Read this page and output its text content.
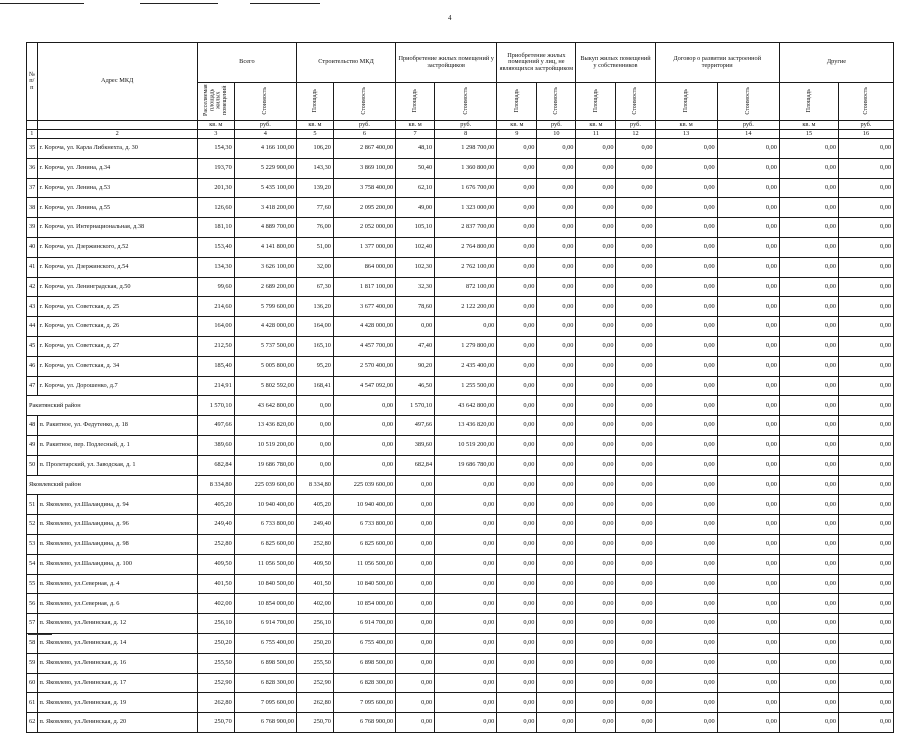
4
№
п/п	Адрес МКД	Всего		Строительство МКД		Приобретение жилых помещений у застройщиков		Приобретение жилых помещений у лиц, не являющихся застройщиком		Выкуп жилых помещений у собственников		Договор о развитии застроенной территории		Другие	
		Расселяемая площадь жилых помещений	Стоимость	Площадь	Стоимость	Площадь	Стоимость	Площадь	Стоимость	Площадь	Стоимость	Площадь	Стоимость	Площадь	Стоимость
		кв. м	руб.	кв. м	руб.	кв. м	руб.	кв. м	руб.	кв. м	руб.	кв. м	руб.	кв. м	руб.
1	2	3	4	5	6	7	8	9	10	11	12	13	14	15	16
35	г. Короча, ул. Карла Либкнехта, д. 30	154,30	4 166 100,00	106,20	2 867 400,00	48,10	1 298 700,00	0,00	0,00	0,00	0,00	0,00	0,00	0,00	0,00
36	г. Короча, ул. Ленина, д.34	193,70	5 229 900,00	143,30	3 869 100,00	50,40	1 360 800,00	0,00	0,00	0,00	0,00	0,00	0,00	0,00	0,00
37	г. Короча, ул. Ленина, д.53	201,30	5 435 100,00	139,20	3 758 400,00	62,10	1 676 700,00	0,00	0,00	0,00	0,00	0,00	0,00	0,00	0,00
38	г. Короча, ул. Ленина, д.55	126,60	3 418 200,00	77,60	2 095 200,00	49,00	1 323 000,00	0,00	0,00	0,00	0,00	0,00	0,00	0,00	0,00
39	г. Короча, ул. Интернациональная, д.38	181,10	4 889 700,00	76,00	2 052 000,00	105,10	2 837 700,00	0,00	0,00	0,00	0,00	0,00	0,00	0,00	0,00
40	г. Короча, ул. Дзержинского, д.52	153,40	4 141 800,00	51,00	1 377 000,00	102,40	2 764 800,00	0,00	0,00	0,00	0,00	0,00	0,00	0,00	0,00
41	г. Короча, ул. Дзержинского, д.54	134,30	3 626 100,00	32,00	864 000,00	102,30	2 762 100,00	0,00	0,00	0,00	0,00	0,00	0,00	0,00	0,00
42	г. Короча, ул. Ленинградская, д.50	99,60	2 689 200,00	67,30	1 817 100,00	32,30	872 100,00	0,00	0,00	0,00	0,00	0,00	0,00	0,00	0,00
43	г. Короча, ул. Советская, д. 25	214,60	5 799 600,00	136,20	3 677 400,00	78,60	2 122 200,00	0,00	0,00	0,00	0,00	0,00	0,00	0,00	0,00
44	г. Короча, ул. Советская, д. 26	164,00	4 428 000,00	164,00	4 428 000,00	0,00	0,00	0,00	0,00	0,00	0,00	0,00	0,00	0,00	0,00
45	г. Короча, ул. Советская, д. 27	212,50	5 737 500,00	165,10	4 457 700,00	47,40	1 279 800,00	0,00	0,00	0,00	0,00	0,00	0,00	0,00	0,00
46	г. Короча, ул. Советская, д. 34	185,40	5 005 800,00	95,20	2 570 400,00	90,20	2 435 400,00	0,00	0,00	0,00	0,00	0,00	0,00	0,00	0,00
47	г. Короча, ул. Дорошенко, д.7	214,91	5 802 592,00	168,41	4 547 092,00	46,50	1 255 500,00	0,00	0,00	0,00	0,00	0,00	0,00	0,00	0,00
Ракитянский район		1 570,10	43 642 800,00	0,00	0,00	1 570,10	43 642 800,00	0,00	0,00	0,00	0,00	0,00	0,00	0,00	0,00
48	п. Ракитное, ул. Федутенко, д. 18	497,66	13 436 820,00	0,00	0,00	497,66	13 436 820,00	0,00	0,00	0,00	0,00	0,00	0,00	0,00	0,00
49	п. Ракитное, пер. Подлесный, д. 1	389,60	10 519 200,00	0,00	0,00	389,60	10 519 200,00	0,00	0,00	0,00	0,00	0,00	0,00	0,00	0,00
50	п. Пролетарский, ул. Заводская, д. 1	682,84	19 686 780,00	0,00	0,00	682,84	19 686 780,00	0,00	0,00	0,00	0,00	0,00	0,00	0,00	0,00
Яковлевский район		8 334,80	225 039 600,00	8 334,80	225 039 600,00	0,00	0,00	0,00	0,00	0,00	0,00	0,00	0,00	0,00	0,00
51	п. Яковлево, ул.Шаландина, д. 94	405,20	10 940 400,00	405,20	10 940 400,00	0,00	0,00	0,00	0,00	0,00	0,00	0,00	0,00	0,00	0,00
52	п. Яковлево, ул.Шаландина, д. 96	249,40	6 733 800,00	249,40	6 733 800,00	0,00	0,00	0,00	0,00	0,00	0,00	0,00	0,00	0,00	0,00
53	п. Яковлево, ул.Шаландина, д. 98	252,80	6 825 600,00	252,80	6 825 600,00	0,00	0,00	0,00	0,00	0,00	0,00	0,00	0,00	0,00	0,00
54	п. Яковлево, ул.Шаландина, д. 100	409,50	11 056 500,00	409,50	11 056 500,00	0,00	0,00	0,00	0,00	0,00	0,00	0,00	0,00	0,00	0,00
55	п. Яковлево, ул.Северная, д. 4	401,50	10 840 500,00	401,50	10 840 500,00	0,00	0,00	0,00	0,00	0,00	0,00	0,00	0,00	0,00	0,00
56	п. Яковлево, ул.Северная, д. 6	402,00	10 854 000,00	402,00	10 854 000,00	0,00	0,00	0,00	0,00	0,00	0,00	0,00	0,00	0,00	0,00
57	п. Яковлево, ул.Ленинская, д. 12	256,10	6 914 700,00	256,10	6 914 700,00	0,00	0,00	0,00	0,00	0,00	0,00	0,00	0,00	0,00	0,00
58	п. Яковлево, ул.Ленинская, д. 14	250,20	6 755 400,00	250,20	6 755 400,00	0,00	0,00	0,00	0,00	0,00	0,00	0,00	0,00	0,00	0,00
59	п. Яковлево, ул.Ленинская, д. 16	255,50	6 898 500,00	255,50	6 898 500,00	0,00	0,00	0,00	0,00	0,00	0,00	0,00	0,00	0,00	0,00
60	п. Яковлево, ул.Ленинская, д. 17	252,90	6 828 300,00	252,90	6 828 300,00	0,00	0,00	0,00	0,00	0,00	0,00	0,00	0,00	0,00	0,00
61	п. Яковлево, ул.Ленинская, д. 19	262,80	7 095 600,00	262,80	7 095 600,00	0,00	0,00	0,00	0,00	0,00	0,00	0,00	0,00	0,00	0,00
62	п. Яковлево, ул.Ленинская, д. 20	250,70	6 768 900,00	250,70	6 768 900,00	0,00	0,00	0,00	0,00	0,00	0,00	0,00	0,00	0,00	0,00
